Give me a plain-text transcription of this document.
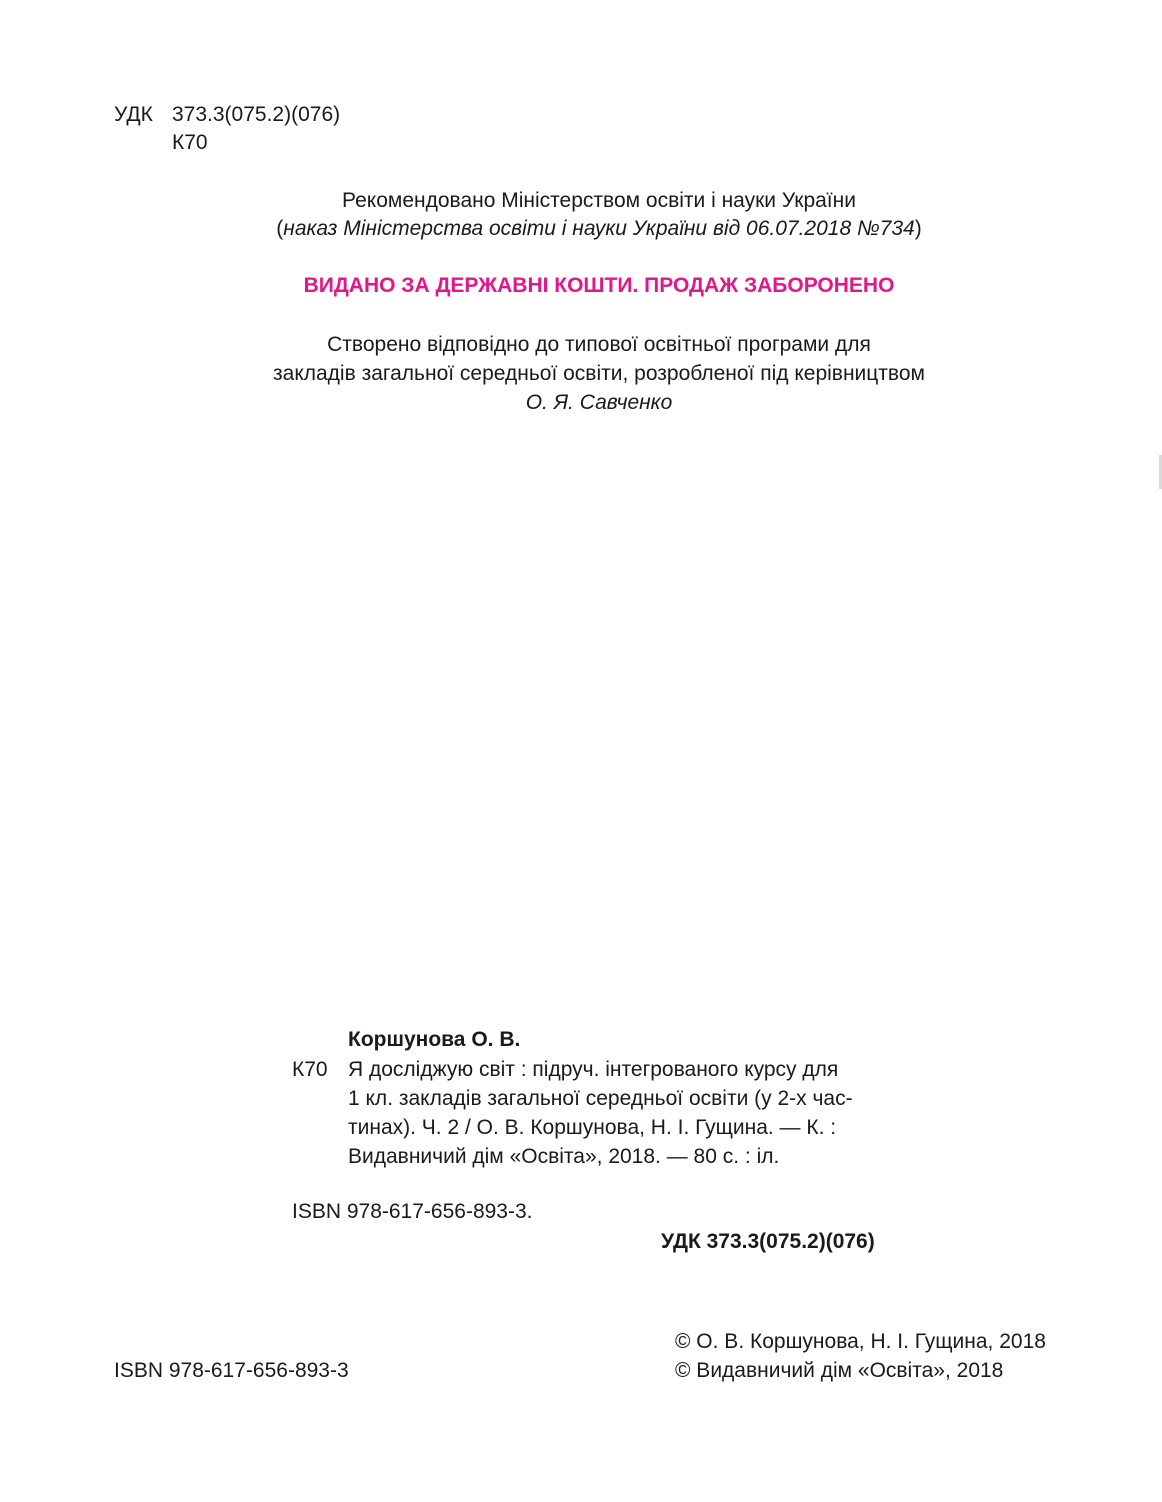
УДК 373.3(075.2)(076)
К70
Рекомендовано Міністерством освіти і науки України
(наказ Міністерства освіти і науки України від 06.07.2018 №734)
ВИДАНО ЗА ДЕРЖАВНІ КОШТИ. ПРОДАЖ ЗАБОРОНЕНО
Створено відповідно до типової освітньої програми для
закладів загальної середньої освіти, розробленої під керівництвом
О. Я. Савченко
Коршунова О. В.
К70 Я досліджую світ : підруч. інтегрованого курсу для
1 кл. закладів загальної середньої освіти (у 2-х час-
тинах). Ч. 2 / О. В. Коршунова, Н. І. Гущина. — К. :
Видавничий дім «Освіта», 2018. — 80 с. : іл.
ISBN 978-617-656-893-3.
УДК 373.3(075.2)(076)
© О. В. Коршунова, Н. І. Гущина, 2018
ISBN 978-617-656-893-3	© Видавничий дім «Освіта», 2018
